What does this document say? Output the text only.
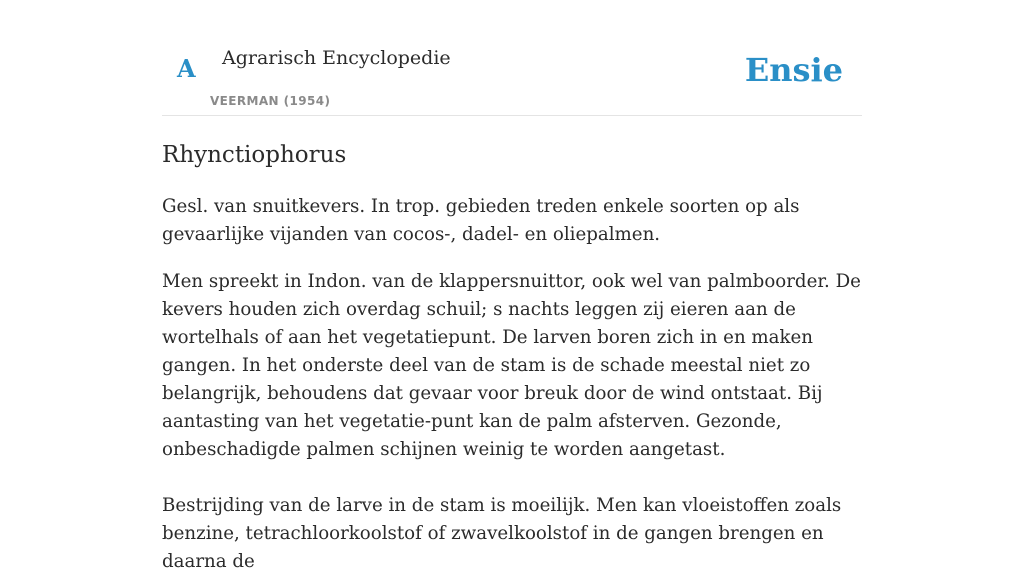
A Agrarisch Encyclopedie
VEERMAN (1954)
Ensie
Rhynctiophorus

Gesl. van snuitkevers. In trop. gebieden treden enkele soorten op als gevaarlijke vijanden van cocos-, dadel- en oliepalmen.

Men spreekt in Indon. van de klappersnuittor, ook wel van palmboorder. De kevers houden zich overdag schuil; s nachts leggen zij eieren aan de wortelhals of aan het vegetatiepunt. De larven boren zich in en maken gangen. In het onderste deel van de stam is de schade meestal niet zo belangrijk, behoudens dat gevaar voor breuk door de wind ontstaat. Bij aantasting van het vegetatie-punt kan de palm afsterven. Gezonde, onbeschadigde palmen schijnen weinig te worden aangetast.

Bestrijding van de larve in de stam is moeilijk. Men kan vloeistoffen zoals benzine, tetrachloorkoolstof of zwavelkoolstof in de gangen brengen en daarna de
